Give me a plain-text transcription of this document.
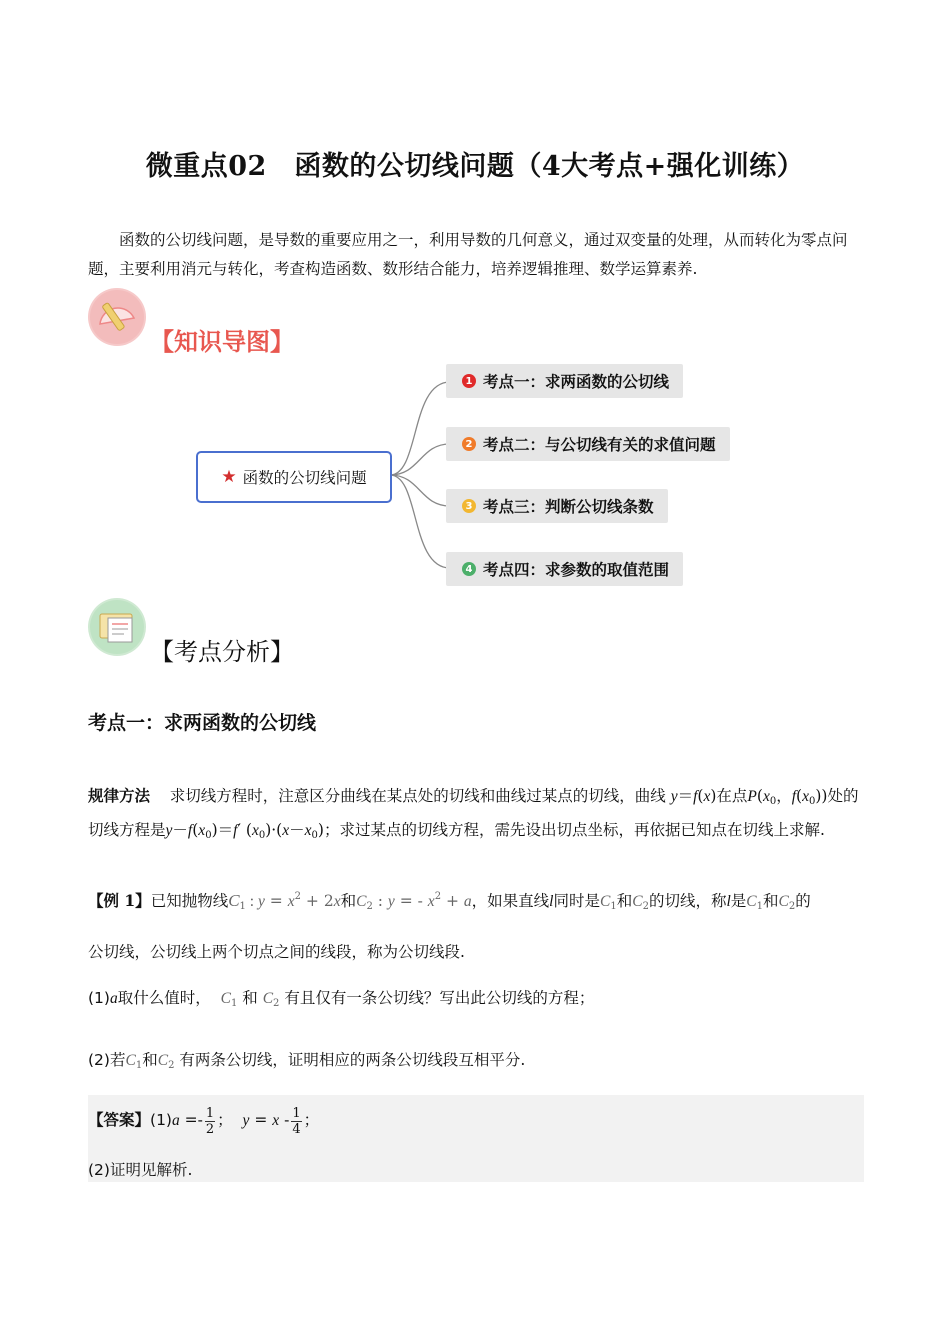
微重点02　函数的公切线问题（4大考点+强化训练）
函数的公切线问题，是导数的重要应用之一，利用导数的几何意义，通过双变量的处理，从而转化为零点问题，主要利用消元与转化，考查构造函数、数形结合能力，培养逻辑推理、数学运算素养.
【知识导图】
★ 函数的公切线问题
1 考点一：求两函数的公切线
2 考点二：与公切线有关的求值问题
3 考点三：判断公切线条数
4 考点四：求参数的取值范围
【考点分析】
考点一：求两函数的公切线
规律方法 求切线方程时，注意区分曲线在某点处的切线和曲线过某点的切线，曲线 y＝f(x)在点$P(x_0$，$f(x_0)$)处的切线方程是$y-f(x_0)=f'$ $(x_0)\cdot(x-x_0)$；求过某点的切线方程，需先设出切点坐标，再依据已知点在切线上求解.
【例 1】已知抛物线$C_1$ : $y = x^2 + 2x$和$C_2$ : y = - $x^2 + a$，如果直线l同时是$C_1$和$C_2$的切线，称l是$C_1$和$C_2$的
公切线，公切线上两个切点之间的线段，称为公切线段.
(1)a取什么值时， $C_1$ 和 $C_2$ 有且仅有一条公切线？写出此公切线的方程；
(2)若$C_1$和$C_2$ 有两条公切线，证明相应的两条公切线段互相平分.
【答案】$(1)a =- \frac{1}{2}$ ；  $y = x - \frac{1}{4}$ ；
(2)证明见解析.
